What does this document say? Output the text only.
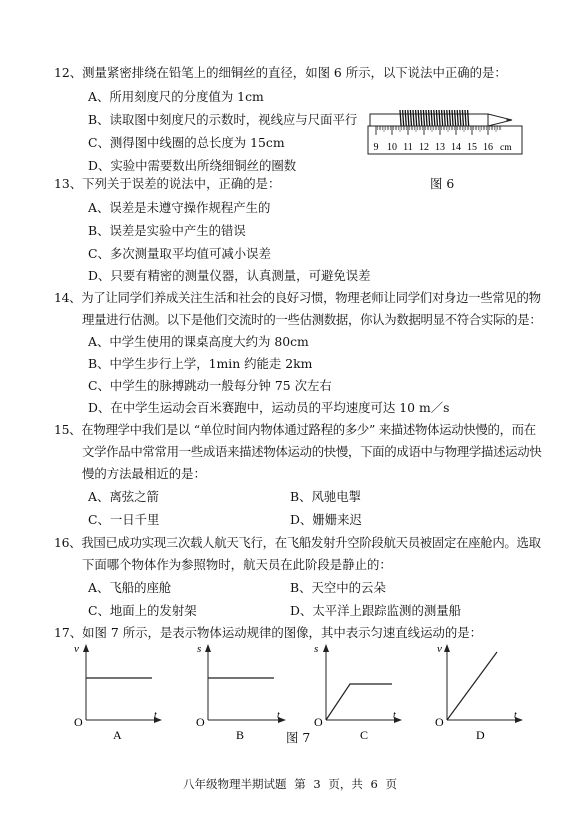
12、测量紧密排绕在铅笔上的细铜丝的直径，如图 6 所示，以下说法中正确的是：
A、所用刻度尺的分度值为 1cm
B、读取图中刻度尺的示数时，视线应与尺面平行
C、测得图中线圈的总长度为 15cm
D、实验中需要数出所绕细铜丝的圈数
9 10 11 12 13 14 15 16 cm
图 6
13、下列关于误差的说法中，正确的是：
A、误差是未遵守操作规程产生的
B、误差是实验中产生的错误
C、多次测量取平均值可减小误差
D、只要有精密的测量仪器，认真测量，可避免误差
14、为了让同学们养成关注生活和社会的良好习惯，物理老师让同学们对身边一些常见的物
理量进行估测。以下是他们交流时的一些估测数据，你认为数据明显不符合实际的是：
A、中学生使用的课桌高度大约为 80cm
B、中学生步行上学，1min 约能走 2km
C、中学生的脉搏跳动一般每分钟 75 次左右
D、在中学生运动会百米赛跑中，运动员的平均速度可达 10 m／s
15、在物理学中我们是以 “单位时间内物体通过路程的多少” 来描述物体运动快慢的，而在
文学作品中常常用一些成语来描述物体运动的快慢，下面的成语中与物理学描述运动快
慢的方法最相近的是：
A、离弦之箭	B、风驰电掣
C、一日千里	D、姗姗来迟
16、我国已成功实现三次载人航天飞行，在飞船发射升空阶段航天员被固定在座舱内。选取
下面哪个物体作为参照物时，航天员在此阶段是静止的：
A、飞船的座舱	B、天空中的云朵
C、地面上的发射架	D、太平洋上跟踪监测的测量船
17、如图 7 所示，是表示物体运动规律的图像，其中表示匀速直线运动的是：
v
O	t
A
s
O	t
B
s
O	t
C
v
O	t
D
图 7
八年级物理半期试题 第 3 页，共 6 页
